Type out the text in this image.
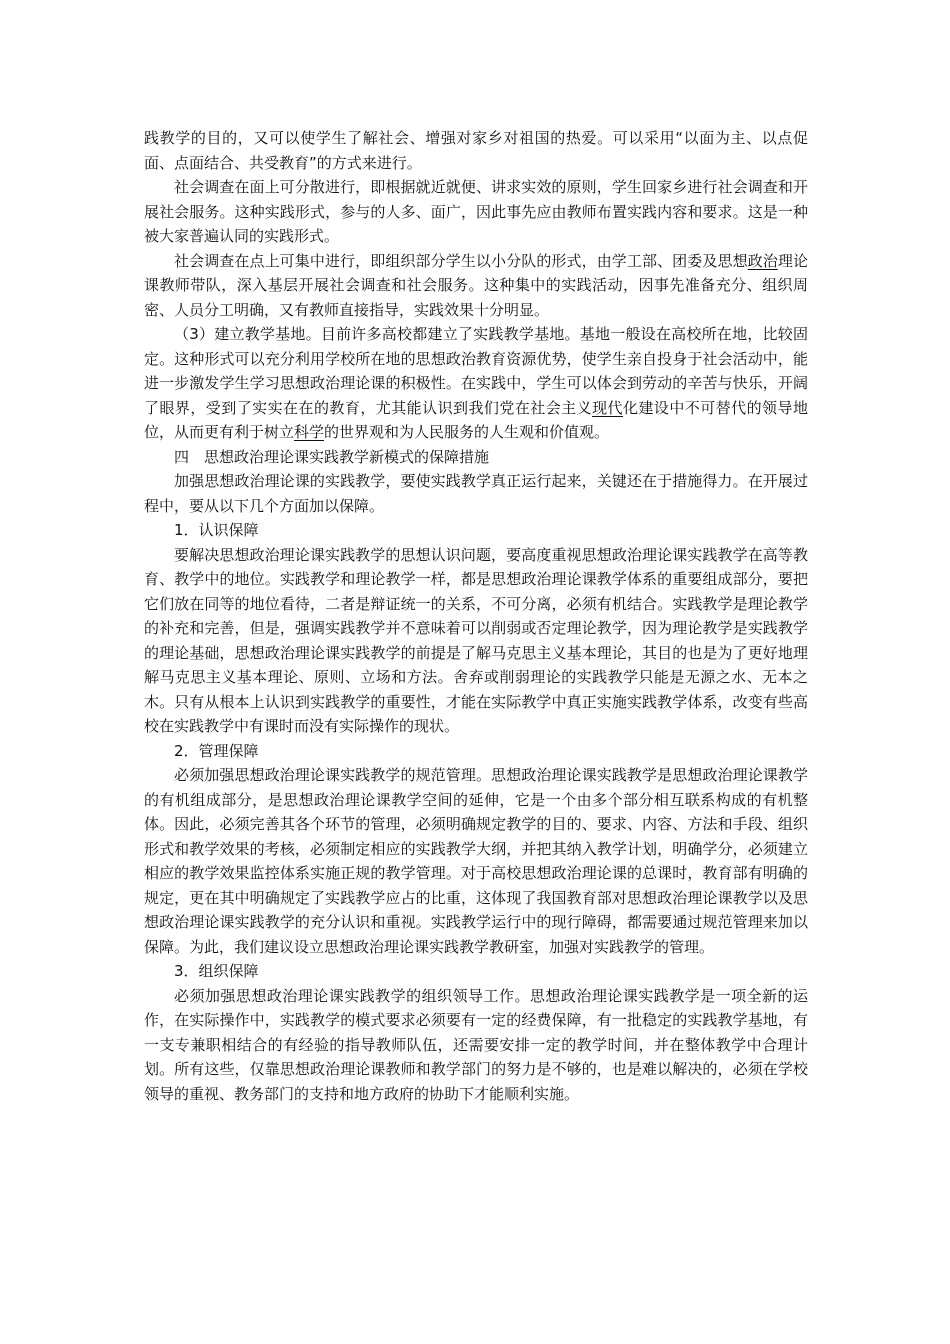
践教学的目的，又可以使学生了解社会、增强对家乡对祖国的热爱。可以采用“以面为主、以点促面、点面结合、共受教育”的方式来进行。

社会调查在面上可分散进行，即根据就近就便、讲求实效的原则，学生回家乡进行社会调查和开展社会服务。这种实践形式，参与的人多、面广，因此事先应由教师布置实践内容和要求。这是一种被大家普遍认同的实践形式。

社会调查在点上可集中进行，即组织部分学生以小分队的形式，由学工部、团委及思想政治理论课教师带队，深入基层开展社会调查和社会服务。这种集中的实践活动，因事先准备充分、组织周密、人员分工明确，又有教师直接指导，实践效果十分明显。

（3）建立教学基地。目前许多高校都建立了实践教学基地。基地一般设在高校所在地，比较固定。这种形式可以充分利用学校所在地的思想政治教育资源优势，使学生亲自投身于社会活动中，能进一步激发学生学习思想政治理论课的积极性。在实践中，学生可以体会到劳动的辛苦与快乐，开阔了眼界，受到了实实在在的教育，尤其能认识到我们党在社会主义现代化建设中不可替代的领导地位，从而更有利于树立科学的世界观和为人民服务的人生观和价值观。

四　思想政治理论课实践教学新模式的保障措施

加强思想政治理论课的实践教学，要使实践教学真正运行起来，关键还在于措施得力。在开展过程中，要从以下几个方面加以保障。

1．认识保障

要解决思想政治理论课实践教学的思想认识问题，要高度重视思想政治理论课实践教学在高等教育、教学中的地位。实践教学和理论教学一样，都是思想政治理论课教学体系的重要组成部分，要把它们放在同等的地位看待，二者是辩证统一的关系，不可分离，必须有机结合。实践教学是理论教学的补充和完善，但是，强调实践教学并不意味着可以削弱或否定理论教学，因为理论教学是实践教学的理论基础，思想政治理论课实践教学的前提是了解马克思主义基本理论，其目的也是为了更好地理解马克思主义基本理论、原则、立场和方法。舍弃或削弱理论的实践教学只能是无源之水、无本之木。只有从根本上认识到实践教学的重要性，才能在实际教学中真正实施实践教学体系，改变有些高校在实践教学中有课时而没有实际操作的现状。

2．管理保障

必须加强思想政治理论课实践教学的规范管理。思想政治理论课实践教学是思想政治理论课教学的有机组成部分，是思想政治理论课教学空间的延伸，它是一个由多个部分相互联系构成的有机整体。因此，必须完善其各个环节的管理，必须明确规定教学的目的、要求、内容、方法和手段、组织形式和教学效果的考核，必须制定相应的实践教学大纲，并把其纳入教学计划，明确学分，必须建立相应的教学效果监控体系实施正规的教学管理。对于高校思想政治理论课的总课时，教育部有明确的规定，更在其中明确规定了实践教学应占的比重，这体现了我国教育部对思想政治理论课教学以及思想政治理论课实践教学的充分认识和重视。实践教学运行中的现行障碍，都需要通过规范管理来加以保障。为此，我们建议设立思想政治理论课实践教学教研室，加强对实践教学的管理。

3．组织保障

必须加强思想政治理论课实践教学的组织领导工作。思想政治理论课实践教学是一项全新的运作，在实际操作中，实践教学的模式要求必须要有一定的经费保障，有一批稳定的实践教学基地，有一支专兼职相结合的有经验的指导教师队伍，还需要安排一定的教学时间，并在整体教学中合理计划。所有这些，仅靠思想政治理论课教师和教学部门的努力是不够的，也是难以解决的，必须在学校领导的重视、教务部门的支持和地方政府的协助下才能顺利实施。
